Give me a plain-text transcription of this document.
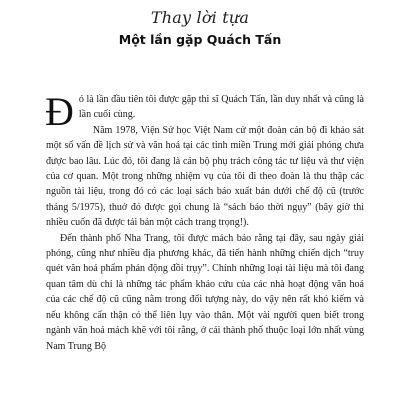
Thay lời tựa
Một lần gặp Quách Tấn

Đó là lần đầu tiên tôi được gặp thi sĩ Quách Tấn, lần duy nhất và cũng là lần cuối cùng.

Năm 1978, Viện Sử học Việt Nam cử một đoàn cán bộ đi khảo sát một số vấn đề lịch sử và văn hoá tại các tỉnh miền Trung mới giải phóng chưa được bao lâu. Lúc đó, tôi đang là cán bộ phụ trách công tác tư liệu và thư viện của cơ quan. Một trong những nhiệm vụ của tôi đi theo đoàn là thu thập các nguồn tài liệu, trong đó có các loại sách báo xuất bản dưới chế độ cũ (trước tháng 5/1975), thuở đó được gọi chung là “sách báo thời ngụy” (bây giờ thì nhiều cuốn đã được tái bản một cách trang trọng!).

Đến thành phố Nha Trang, tôi được mách bảo rằng tại đây, sau ngày giải phóng, cũng như nhiều địa phương khác, đã tiến hành những chiến dịch “truy quét văn hoá phẩm phản động đồi trụy”. Chính những loại tài liệu mà tôi đang quan tâm dù chỉ là những tác phẩm khảo cứu của các nhà hoạt động văn hoá của các chế độ cũ cũng nằm trong đối tượng này, do vậy nên rất khó kiếm và nếu không cẩn thận có thể liên lụy vào thân. Một vài người quen biết trong ngành văn hoá mách khẽ với tôi rằng, ở cái thành phố thuộc loại lớn nhất vùng Nam Trung Bộ
